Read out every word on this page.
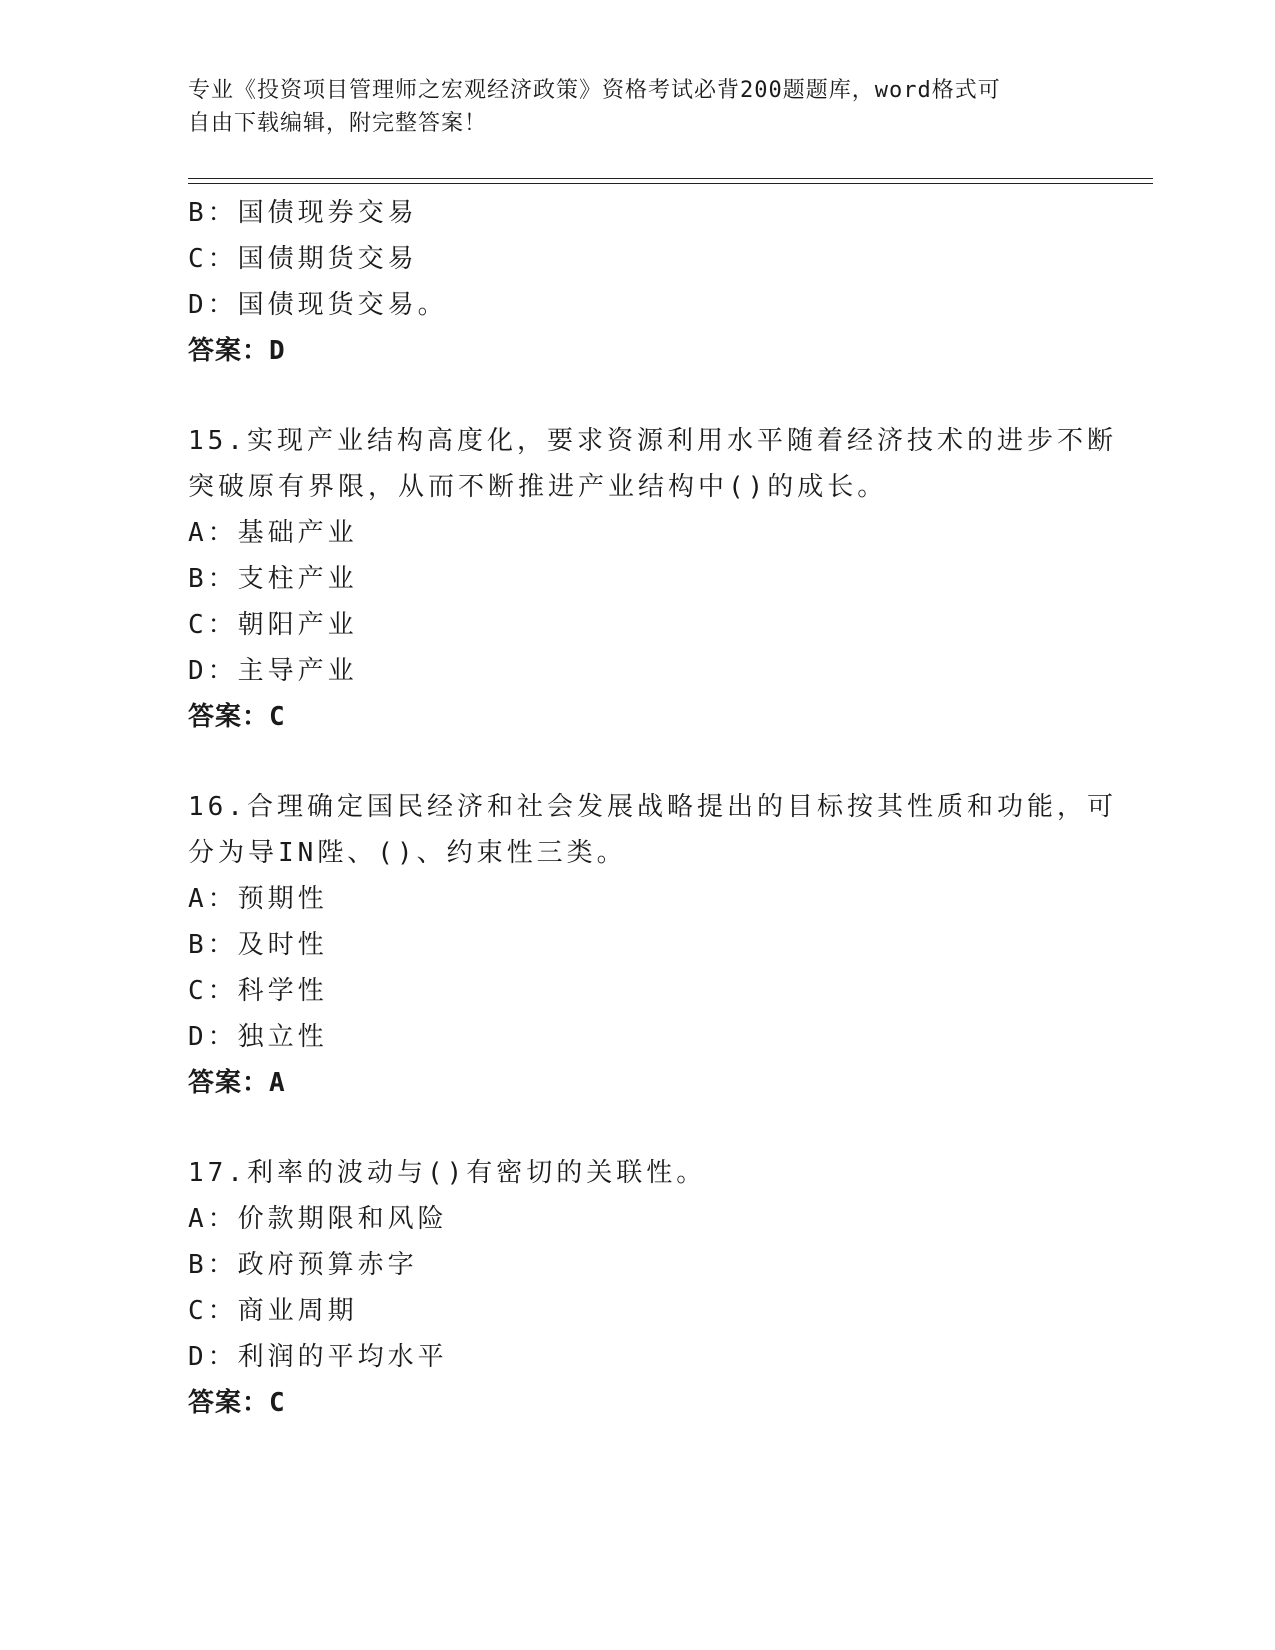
专业《投资项目管理师之宏观经济政策》资格考试必背200题题库，word格式可
自由下载编辑，附完整答案！
B：国债现券交易
C：国债期货交易
D：国债现货交易。
答案：D
15.实现产业结构高度化，要求资源利用水平随着经济技术的进步不断
突破原有界限，从而不断推进产业结构中()的成长。
A：基础产业
B：支柱产业
C：朝阳产业
D：主导产业
答案：C
16.合理确定国民经济和社会发展战略提出的目标按其性质和功能，可
分为导IN陛、()、约束性三类。
A：预期性
B：及时性
C：科学性
D：独立性
答案：A
17.利率的波动与()有密切的关联性。
A：价款期限和风险
B：政府预算赤字
C：商业周期
D：利润的平均水平
答案：C
